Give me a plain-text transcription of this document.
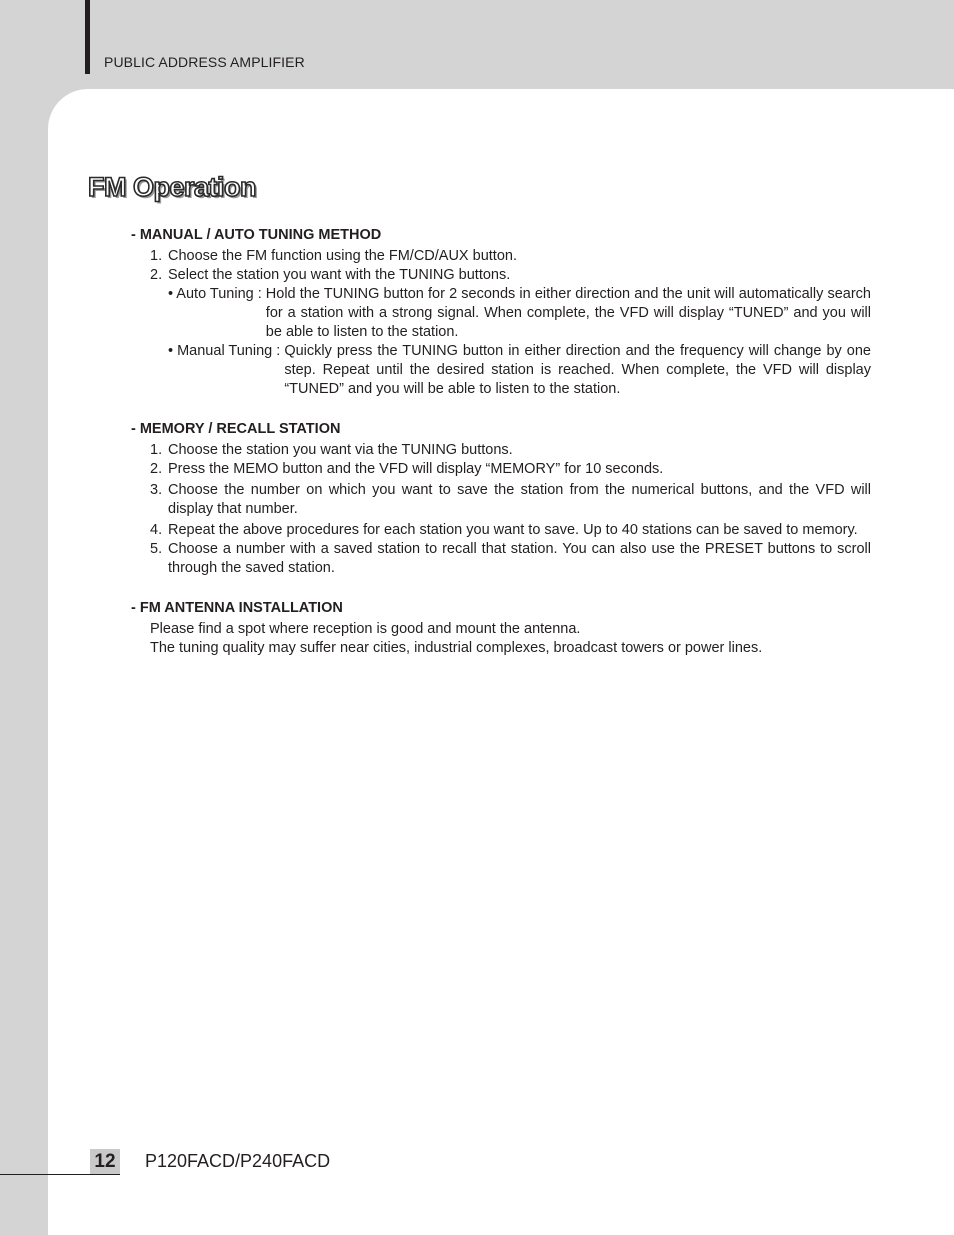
PUBLIC ADDRESS AMPLIFIER
FM Operation

- MANUAL / AUTO TUNING METHOD

1. Choose the FM function using the FM/CD/AUX button.
2. Select the station you want with the TUNING buttons.
• Auto Tuning : Hold the TUNING button for 2 seconds in either direction and the unit will automatically search for a station with a strong signal. When complete, the VFD will display “TUNED” and you will be able to listen to the station.
• Manual Tuning : Quickly press the TUNING button in either direction and the frequency will change by one step. Repeat until the desired station is reached. When complete, the VFD will display “TUNED” and you will be able to listen to the station.

- MEMORY / RECALL STATION

1. Choose the station you want via the TUNING buttons.
2. Press the MEMO button and the VFD will display “MEMORY” for 10 seconds.
3. Choose the number on which you want to save the station from the numerical buttons, and the VFD will display that number.
4. Repeat the above procedures for each station you want to save. Up to 40 stations can be saved to memory.
5. Choose a number with a saved station to recall that station. You can also use the PRESET buttons to scroll through the saved station.

- FM ANTENNA INSTALLATION

Please find a spot where reception is good and mount the antenna.

The tuning quality may suffer near cities, industrial complexes, broadcast towers or power lines.

12 P120FACD/P240FACD
